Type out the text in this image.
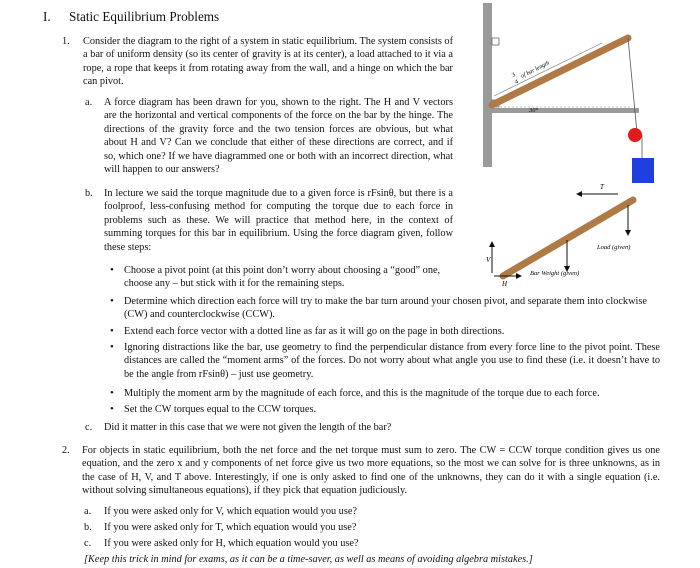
I. Static Equilibrium Problems
1. Consider the diagram to the right of a system in static equilibrium. The system consists of a bar of uniform density (so its center of gravity is at its center), a load attached to it via a rope, a rope that keeps it from rotating away from the wall, and a hinge on which the bar can pivot.
a. A force diagram has been drawn for you, shown to the right. The H and V vectors are the horizontal and vertical components of the force on the bar by the hinge. The directions of the gravity force and the two tension forces are obvious, but what about H and V? Can we conclude that either of these directions are correct, and if so, which one? If we have diagrammed one or both with an incorrect direction, what will happen to our answers?
b. In lecture we said the torque magnitude due to a given force is rFsinθ, but there is a foolproof, less-confusing method for computing the torque due to each force in problems such as these. We will practice that method here, in the context of summing torques for this bar in equilibrium. Using the force diagram given, follow these steps:
• Choose a pivot point (at this point don’t worry about choosing a “good” one, choose any – but stick with it for the remaining steps.
• Determine which direction each force will try to make the bar turn around your chosen pivot, and separate them into clockwise (CW) and counterclockwise (CCW).
• Extend each force vector with a dotted line as far as it will go on the page in both directions.
• Ignoring distractions like the bar, use geometry to find the perpendicular distance from every force line to the pivot point. These distances are called the “moment arms” of the forces. Do not worry about what angle you use to find these (i.e. it doesn’t have to be the angle from rFsinθ) – just use geometry.
• Multiply the moment arm by the magnitude of each force, and this is the magnitude of the torque due to each force.
• Set the CW torques equal to the CCW torques.
c. Did it matter in this case that we were not given the length of the bar?
2. For objects in static equilibrium, both the net force and the net torque must sum to zero. The CW = CCW torque condition gives us one equation, and the zero x and y components of net force give us two more equations, so the most we can solve for is three unknowns, as in the case of H, V, and T above. Interestingly, if one is only asked to find one of the unknowns, they can do it with a single equation (i.e. without solving simultaneous equations), if they pick that equation judiciously.
a. If you were asked only for V, which equation would you use?
b. If you were asked only for T, which equation would you use?
c. If you were asked only for H, which equation would you use?
[Keep this trick in mind for exams, as it can be a time-saver, as well as means of avoiding algebra mistakes.]
3
4
of bar length
30°
T
V
H
Load (given)
Bar Weight (given)
